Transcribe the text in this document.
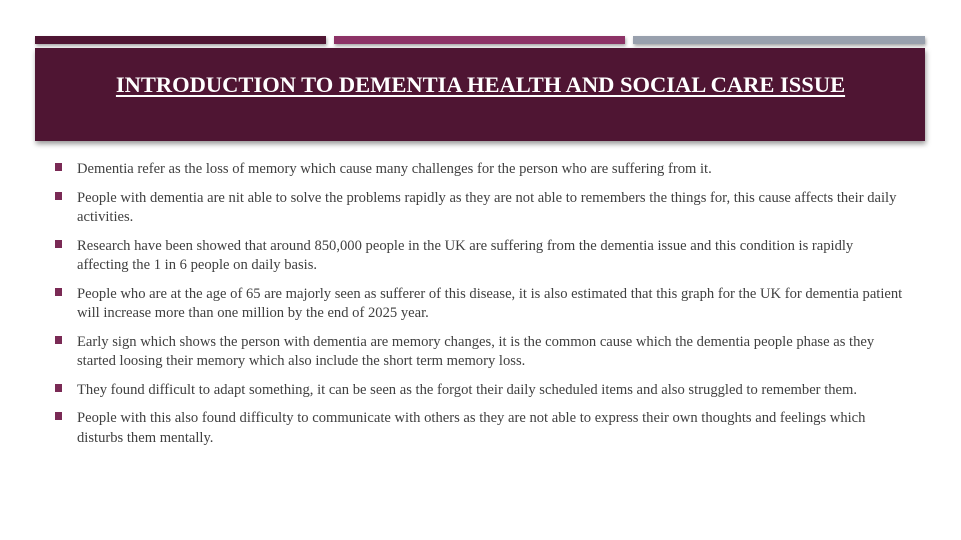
INTRODUCTION TO DEMENTIA HEALTH AND SOCIAL CARE ISSUE
Dementia refer as the loss of memory which cause many challenges for the person who are suffering from it.
People with dementia are nit able to solve the problems rapidly as they are not able to remembers the things for, this cause affects their daily activities.
Research have been showed that around 850,000 people in the UK are suffering from the dementia issue and this condition is rapidly affecting the 1 in 6 people on daily basis.
People who are at the age of 65 are majorly seen as sufferer of this disease, it is also estimated that this graph for the UK for dementia patient will increase more than one million by the end of 2025 year.
Early sign which shows the person with dementia are memory changes, it is the common cause which the dementia people phase as they started loosing their memory which also include the short term memory loss.
They found difficult to adapt something, it can be seen as the forgot their daily scheduled items and also struggled to remember them.
People with this also found difficulty to communicate with others as they are not able to express their own thoughts and feelings which disturbs them mentally.
